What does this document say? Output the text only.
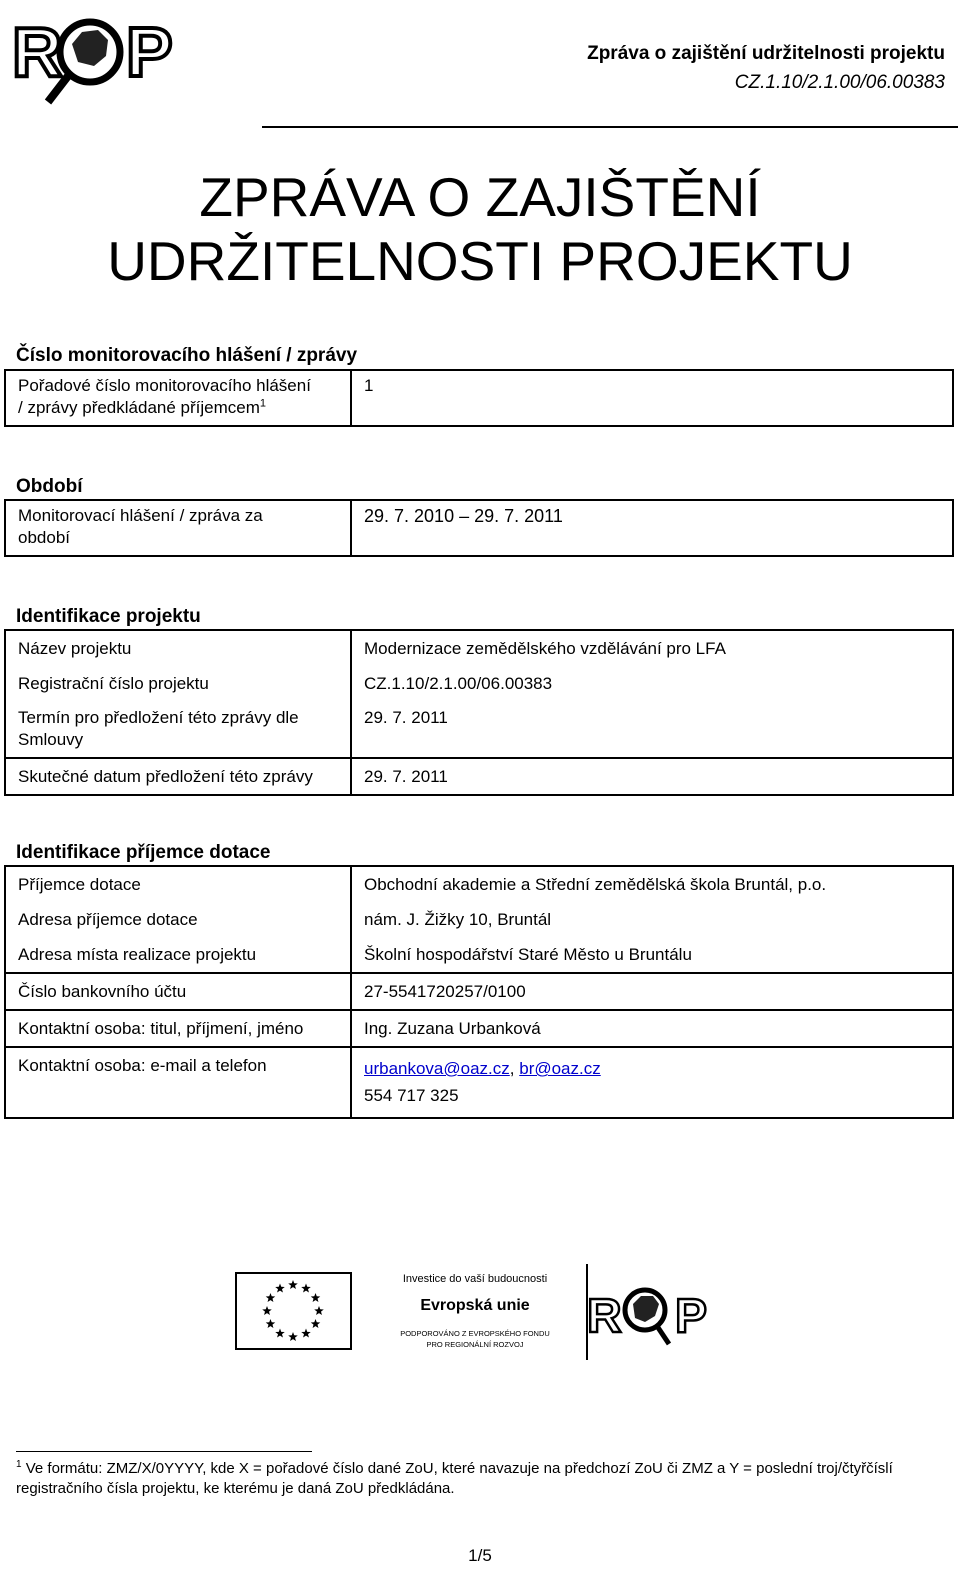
R P	Zpráva o zajištění udržitelnosti projektu
CZ.1.10/2.1.00/06.00383
ZPRÁVA O ZAJIŠTĚNÍ
UDRŽITELNOSTI PROJEKTU
Číslo monitorovacího hlášení / zprávy
Pořadové číslo monitorovacího hlášení
/ zprávy předkládané příjemcem$^1$	1
Období
Monitorovací hlášení / zpráva za
období	29. 7. 2010 – 29. 7. 2011
Identifikace projektu
Název projektu	Modernizace zemědělského vzdělávání pro LFA
Registrační číslo projektu	CZ.1.10/2.1.00/06.00383
Termín pro předložení této zprávy dle Smlouvy	29. 7. 2011
Skutečné datum předložení této zprávy	29. 7. 2011
Identifikace příjemce dotace
Příjemce dotace	Obchodní akademie a Střední zemědělská škola Bruntál, p.o.
Adresa příjemce dotace	nám. J. Žižky 10, Bruntál
Adresa místa realizace projektu	Školní hospodářství Staré Město u Bruntálu
Číslo bankovního účtu	27-5541720257/0100
Kontaktní osoba: titul, příjmení, jméno	Ing. Zuzana Urbanková
Kontaktní osoba: e-mail a telefon	urbankova@oaz.cz, br@oaz.cz
554 717 325
Investice do vaší budoucnosti
Evropská unie
PODPOROVÁNO Z EVROPSKÉHO FONDU
PRO REGIONÁLNÍ ROZVOJ
R P
$^1$ Ve formátu: ZMZ/X/0YYYY, kde X = pořadové číslo dané ZoU, které navazuje na předchozí ZoU či ZMZ a Y = poslední troj/čtyřčíslí registračního čísla projektu, ke kterému je daná ZoU předkládána.
1/5
